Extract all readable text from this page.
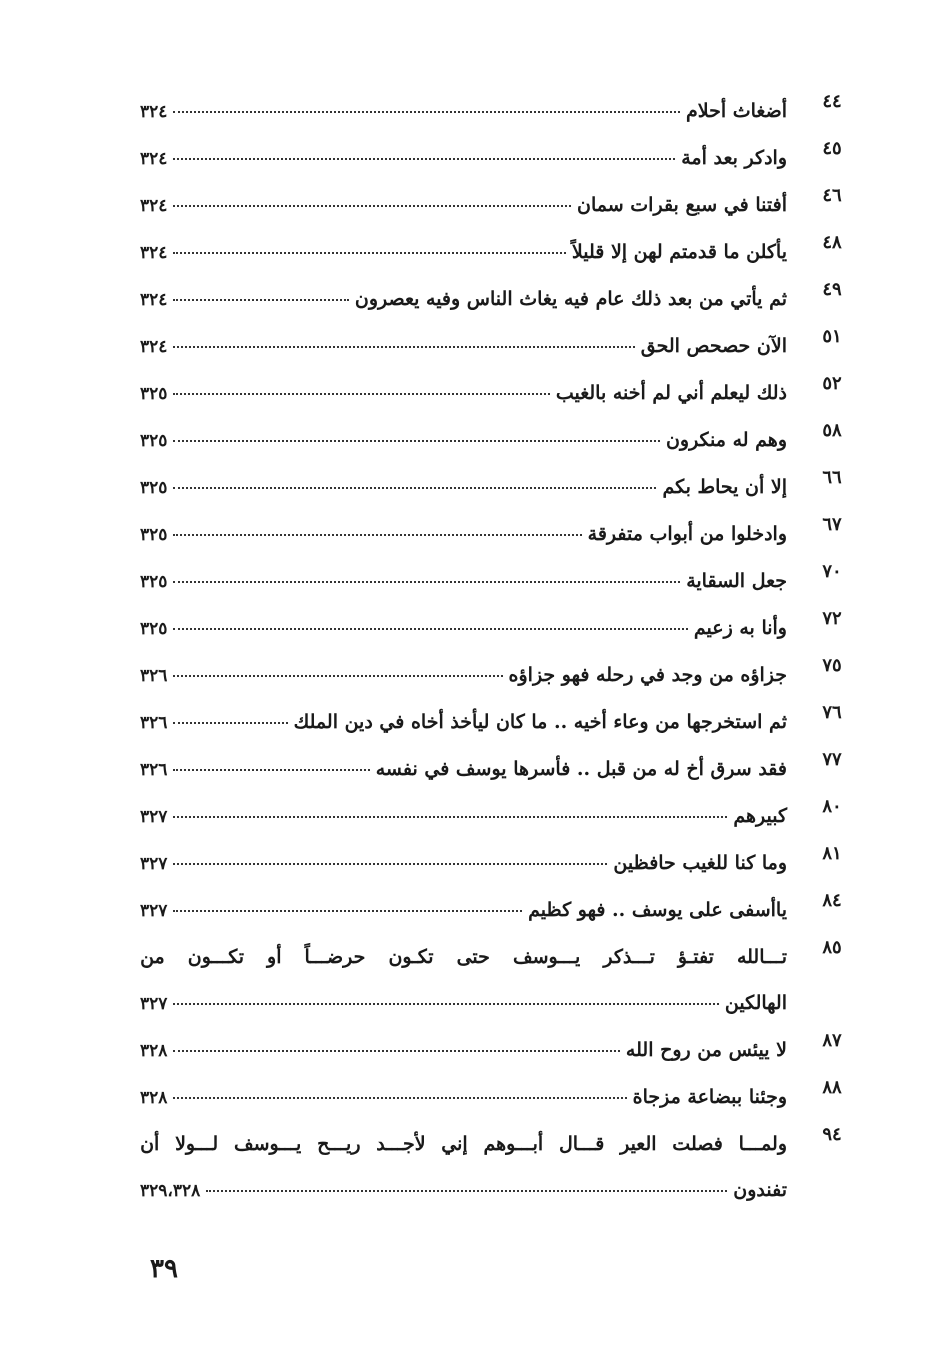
٤٤
أضغاث أحلام
٣٢٤
٤٥
وادكر بعد أمة
٣٢٤
٤٦
أفتنا في سبع بقرات سمان
٣٢٤
٤٨
يأكلن ما قدمتم لهن إلا قليلاً
٣٢٤
٤٩
ثم يأتي من بعد ذلك عام فيه يغاث الناس وفيه يعصرون
٣٢٤
٥١
الآن حصحص الحق
٣٢٤
٥٢
ذلك ليعلم أني لم أخنه بالغيب
٣٢٥
٥٨
وهم له منكرون
٣٢٥
٦٦
إلا أن يحاط بكم
٣٢٥
٦٧
وادخلوا من أبواب متفرقة
٣٢٥
٧٠
جعل السقاية
٣٢٥
٧٢
وأنا به زعيم
٣٢٥
٧٥
جزاؤه من وجد في رحله فهو جزاؤه
٣٢٦
٧٦
ثم استخرجها من وعاء أخيه .. ما كان ليأخذ أخاه في دين الملك
٣٢٦
٧٧
فقد سرق أخ له من قبل .. فأسرها يوسف في نفسه
٣٢٦
٨٠
كبيرهم
٣٢٧
٨١
وما كنا للغيب حافظين
٣٢٧
٨٤
ياأسفى على يوسف .. فهو كظيم
٣٢٧
٨٥
تـــالله
تفتـؤ
تـــذكر
يـــوسف
حتى
تكـون
حرضـــاً
أو
تكـــون
من
الهالكين
٣٢٧
٨٧
لا ييئس من روح الله
٣٢٨
٨٨
وجئنا ببضاعة مزجاة
٣٢٨
٩٤
ولمـــا
فصلت
العير
قـــال
أبـــوهم
إني
لأجـــد
ريـــح
يـــوسف
لـــولا
أن
تفندون
٣٢٩،٣٢٨
٣٩
